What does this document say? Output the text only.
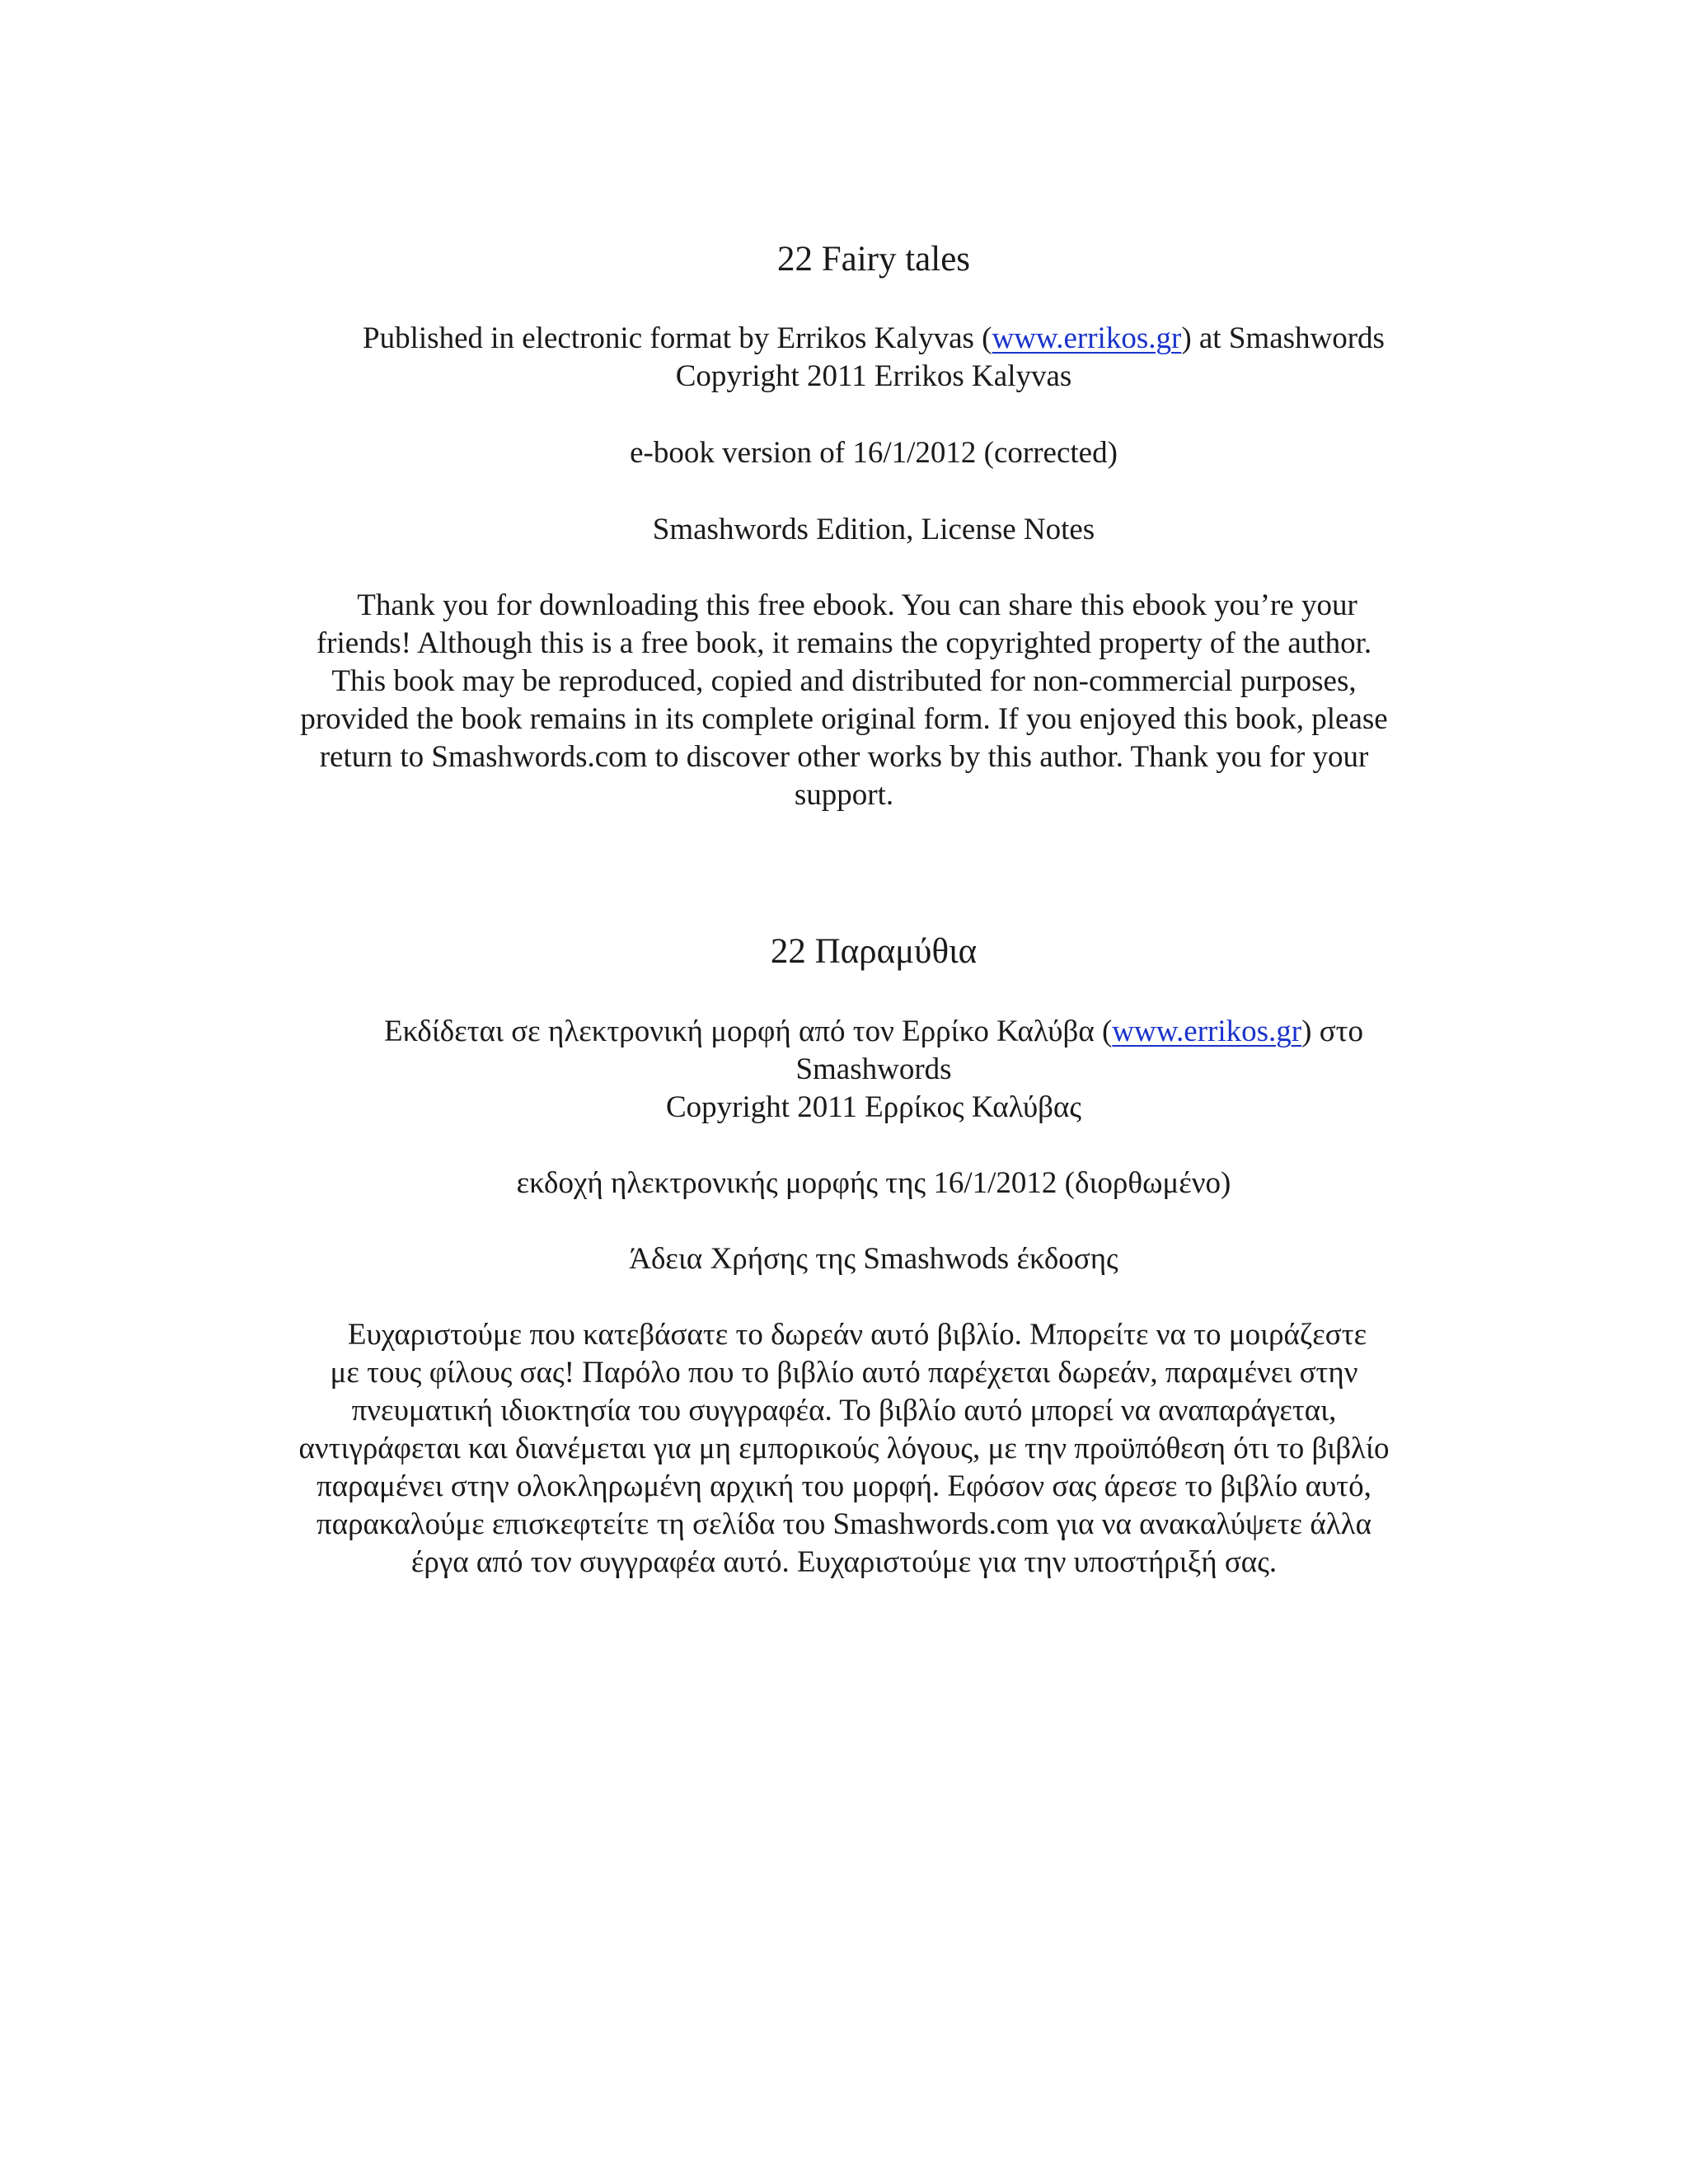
22 Fairy tales
Published in electronic format by Errikos Kalyvas (www.errikos.gr) at Smashwords
Copyright 2011 Errikos Kalyvas
e-book version of 16/1/2012 (corrected)
Smashwords Edition, License Notes
Thank you for downloading this free ebook. You can share this ebook you’re your
friends! Although this is a free book, it remains the copyrighted property of the author.
This book may be reproduced, copied and distributed for non-commercial purposes,
provided the book remains in its complete original form. If you enjoyed this book, please
return to Smashwords.com to discover other works by this author. Thank you for your
support.
22 Παραμύθια
Εκδίδεται σε ηλεκτρονική μορφή από τον Ερρίκο Καλύβα (www.errikos.gr) στο
Smashwords
Copyright 2011 Ερρίκος Καλύβας
εκδοχή ηλεκτρονικής μορφής της 16/1/2012 (διορθωμένο)
Άδεια Χρήσης της Smashwods έκδοσης
Ευχαριστούμε που κατεβάσατε το δωρεάν αυτό βιβλίο. Μπορείτε να το μοιράζεστε
με τους φίλους σας! Παρόλο που το βιβλίο αυτό παρέχεται δωρεάν, παραμένει στην
πνευματική ιδιοκτησία του συγγραφέα. Το βιβλίο αυτό μπορεί να αναπαράγεται,
αντιγράφεται και διανέμεται για μη εμπορικούς λόγους, με την προϋπόθεση ότι το βιβλίο
παραμένει στην ολοκληρωμένη αρχική του μορφή. Εφόσον σας άρεσε το βιβλίο αυτό,
παρακαλούμε επισκεφτείτε τη σελίδα του Smashwords.com για να ανακαλύψετε άλλα
έργα από τον συγγραφέα αυτό. Ευχαριστούμε για την υποστήριξή σας.
